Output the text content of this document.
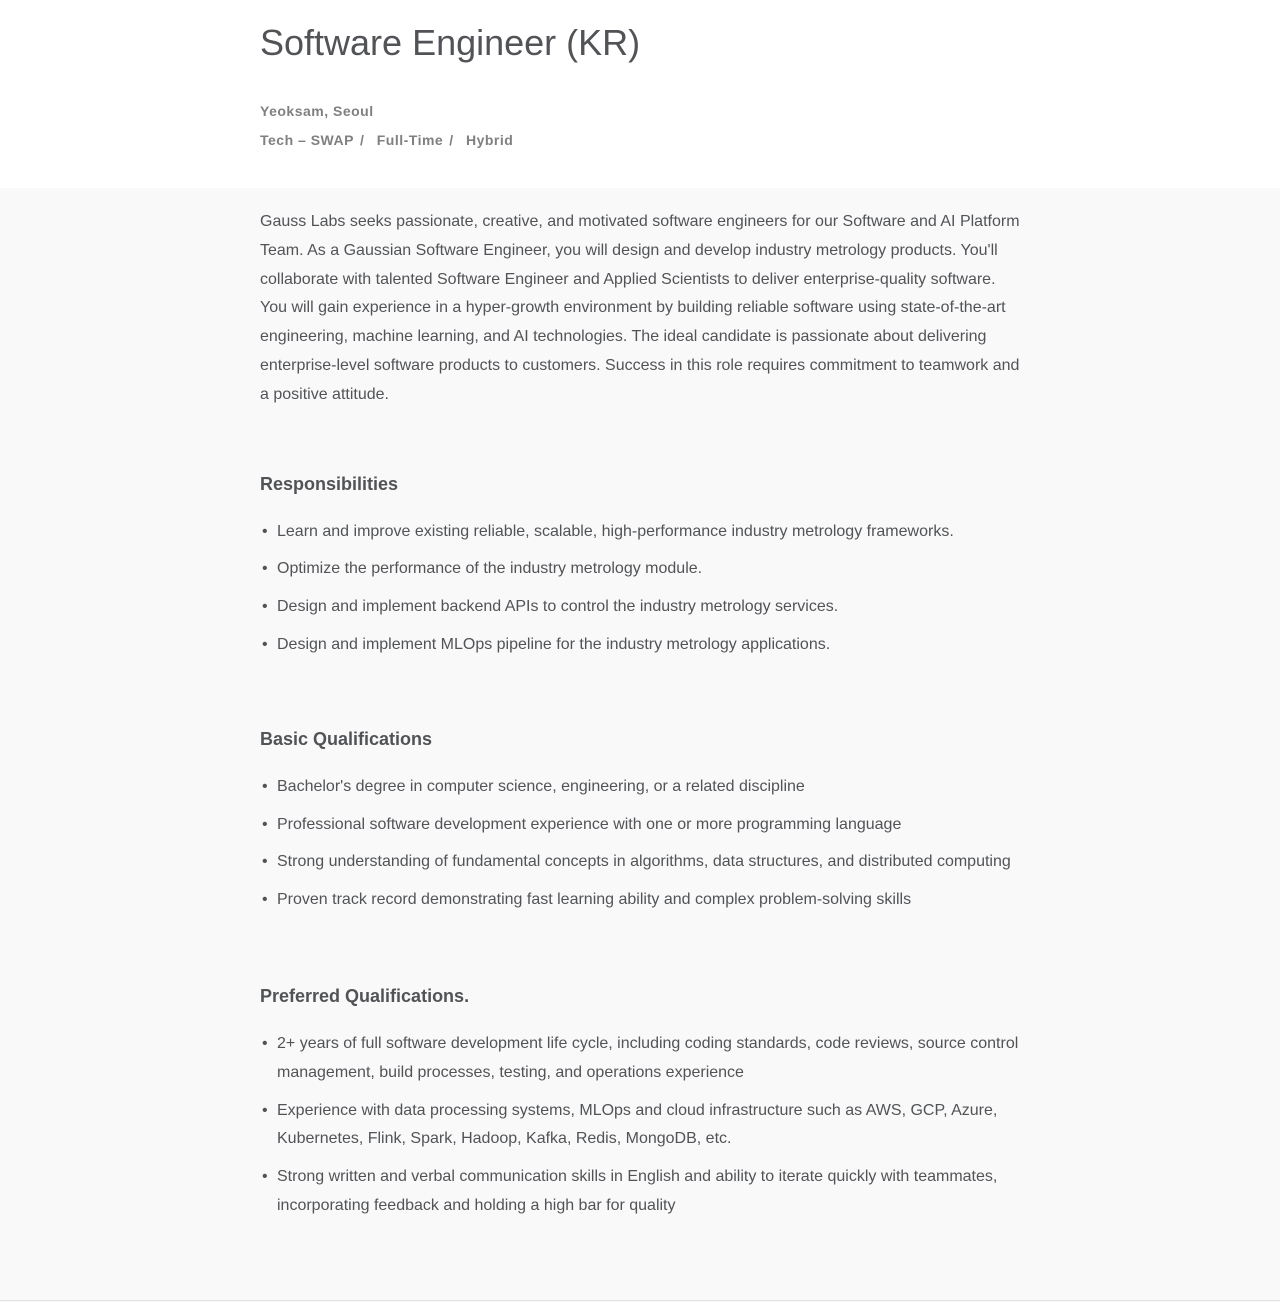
Software Engineer (KR)
Yeoksam, Seoul
Tech – SWAP / Full-Time / Hybrid

Gauss Labs seeks passionate, creative, and motivated software engineers for our Software and AI Platform Team. As a Gaussian Software Engineer, you will design and develop industry metrology products. You'll collaborate with talented Software Engineer and Applied Scientists to deliver enterprise-quality software. You will gain experience in a hyper-growth environment by building reliable software using state-of-the-art engineering, machine learning, and AI technologies. The ideal candidate is passionate about delivering enterprise-level software products to customers. Success in this role requires commitment to teamwork and a positive attitude.

Responsibilities
• Learn and improve existing reliable, scalable, high-performance industry metrology frameworks.
• Optimize the performance of the industry metrology module.
• Design and implement backend APIs to control the industry metrology services.
• Design and implement MLOps pipeline for the industry metrology applications.
Basic Qualifications
• Bachelor's degree in computer science, engineering, or a related discipline
• Professional software development experience with one or more programming language
• Strong understanding of fundamental concepts in algorithms, data structures, and distributed computing
• Proven track record demonstrating fast learning ability and complex problem-solving skills
Preferred Qualifications.
• 2+ years of full software development life cycle, including coding standards, code reviews, source control management, build processes, testing, and operations experience
• Experience with data processing systems, MLOps and cloud infrastructure such as AWS, GCP, Azure, Kubernetes, Flink, Spark, Hadoop, Kafka, Redis, MongoDB, etc.
• Strong written and verbal communication skills in English and ability to iterate quickly with teammates, incorporating feedback and holding a high bar for quality
